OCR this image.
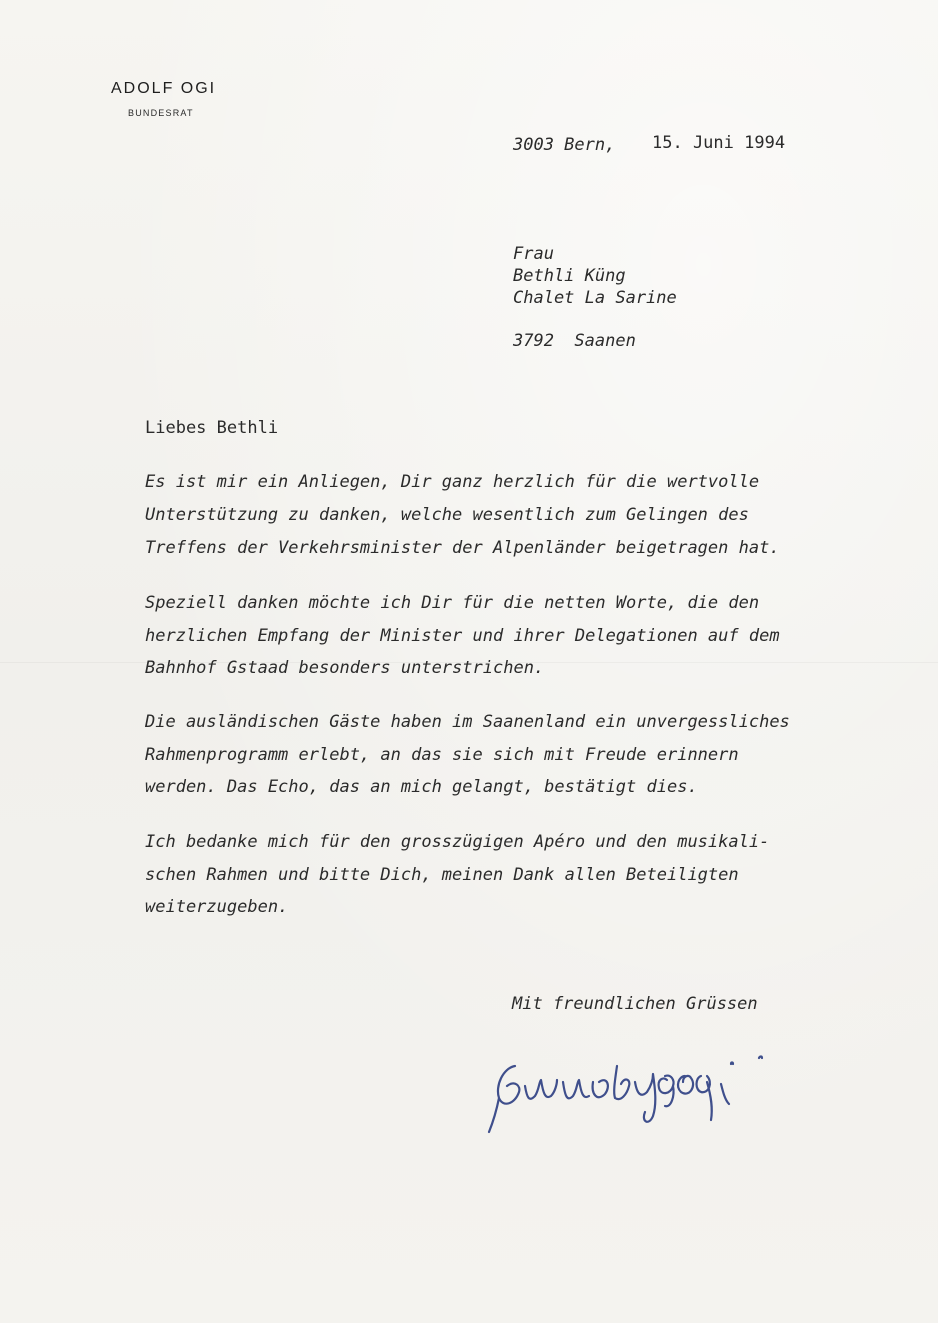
ADOLF OGI
BUNDESRAT
3003 Bern, 15. Juni 1994
Frau
Bethli Küng
Chalet La Sarine
3792  Saanen
Liebes Bethli
Es ist mir ein Anliegen, Dir ganz herzlich für die wertvolle
Unterstützung zu danken, welche wesentlich zum Gelingen des
Treffens der Verkehrsminister der Alpenländer beigetragen hat.
Speziell danken möchte ich Dir für die netten Worte, die den
herzlichen Empfang der Minister und ihrer Delegationen auf dem
Bahnhof Gstaad besonders unterstrichen.
Die ausländischen Gäste haben im Saanenland ein unvergessliches
Rahmenprogramm erlebt, an das sie sich mit Freude erinnern
werden. Das Echo, das an mich gelangt, bestätigt dies.
Ich bedanke mich für den grosszügigen Apéro und den musikali-
schen Rahmen und bitte Dich, meinen Dank allen Beteiligten
weiterzugeben.
Mit freundlichen Grüssen
